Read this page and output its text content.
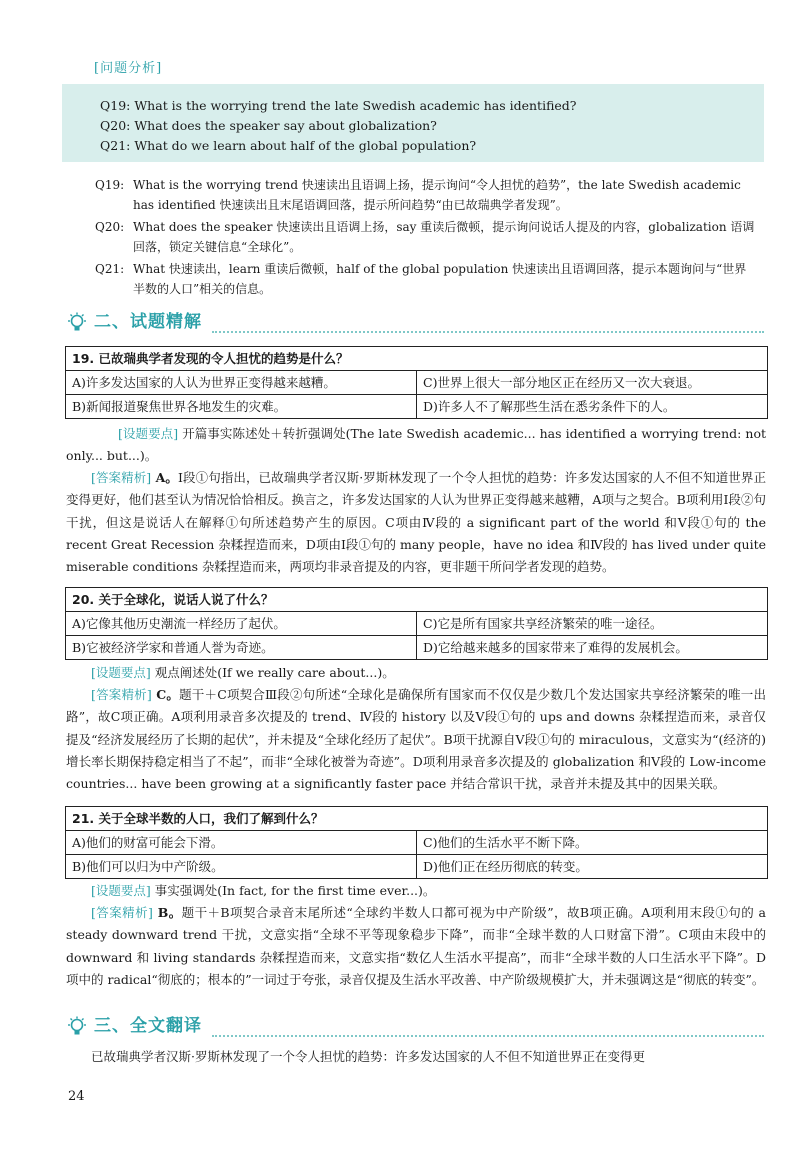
[问题分析]
Q19: What is the worrying trend the late Swedish academic has identified?
Q20: What does the speaker say about globalization?
Q21: What do we learn about half of the global population?
Q19: What is the worrying trend 快速读出且语调上扬，提示询问“令人担忧的趋势”，the late Swedish academic has identified 快速读出且末尾语调回落，提示所问趋势“由已故瑞典学者发现”。
Q20: What does the speaker 快速读出且语调上扬，say 重读后微顿，提示询问说话人提及的内容，globalization 语调回落，锁定关键信息“全球化”。
Q21: What 快速读出，learn 重读后微顿，half of the global population 快速读出且语调回落，提示本题询问与“世界半数的人口”相关的信息。
二、试题精解
19. 已故瑞典学者发现的令人担忧的趋势是什么？	
A)许多发达国家的人认为世界正变得越来越糟。	C)世界上很大一部分地区正在经历又一次大衰退。
B)新闻报道聚焦世界各地发生的灾难。	D)许多人不了解那些生活在悉劣条件下的人。
[设题要点] 开篇事实陈述处＋转折强调处(The late Swedish academic... has identified a worrying trend: not only... but...)。
[答案精析] A。Ⅰ段①句指出，已故瑞典学者汉斯·罗斯林发现了一个令人担忧的趋势：许多发达国家的人不但不知道世界正变得更好，他们甚至认为情况恰恰相反。换言之，许多发达国家的人认为世界正变得越来越糟，A项与之契合。B项利用Ⅰ段②句干扰，但这是说话人在解释①句所述趋势产生的原因。C项由Ⅳ段的 a significant part of the world 和Ⅴ段①句的 the recent Great Recession 杂糅捏造而来，D项由Ⅰ段①句的 many people，have no idea 和Ⅳ段的 has lived under quite miserable conditions 杂糅捏造而来，两项均非录音提及的内容，更非题干所问学者发现的趋势。
20. 关于全球化，说话人说了什么？	
A)它像其他历史潮流一样经历了起伏。	C)它是所有国家共享经济繁荣的唯一途径。
B)它被经济学家和普通人誉为奇迹。	D)它给越来越多的国家带来了难得的发展机会。
[设题要点] 观点阐述处(If we really care about...)。
[答案精析] C。题干＋C项契合Ⅲ段②句所述“全球化是确保所有国家而不仅仅是少数几个发达国家共享经济繁荣的唯一出路”，故C项正确。A项利用录音多次提及的 trend、Ⅳ段的 history 以及Ⅴ段①句的 ups and downs 杂糅捏造而来，录音仅提及“经济发展经历了长期的起伏”，并未提及“全球化经历了起伏”。B项干扰源自Ⅴ段①句的 miraculous，文意实为“(经济的)增长率长期保持稳定相当了不起”，而非“全球化被誉为奇迹”。D项利用录音多次提及的 globalization 和Ⅴ段的 Low-income countries... have been growing at a significantly faster pace 并结合常识干扰，录音并未提及其中的因果关联。
21. 关于全球半数的人口，我们了解到什么？	
A)他们的财富可能会下滑。	C)他们的生活水平不断下降。
B)他们可以归为中产阶级。	D)他们正在经历彻底的转变。
[设题要点] 事实强调处(In fact, for the first time ever...)。
[答案精析] B。题干＋B项契合录音末尾所述“全球约半数人口都可视为中产阶级”，故B项正确。A项利用末段①句的 a steady downward trend 干扰，文意实指“全球不平等现象稳步下降”，而非“全球半数的人口财富下滑”。C项由末段中的 downward 和 living standards 杂糅捏造而来，文意实指“数亿人生活水平提高”，而非“全球半数的人口生活水平下降”。D项中的 radical“彻底的；根本的”一词过于夸张，录音仅提及生活水平改善、中产阶级规模扩大，并未强调这是“彻底的转变”。
三、全文翻译
已故瑞典学者汉斯·罗斯林发现了一个令人担忧的趋势：许多发达国家的人不但不知道世界正在变得更
24
